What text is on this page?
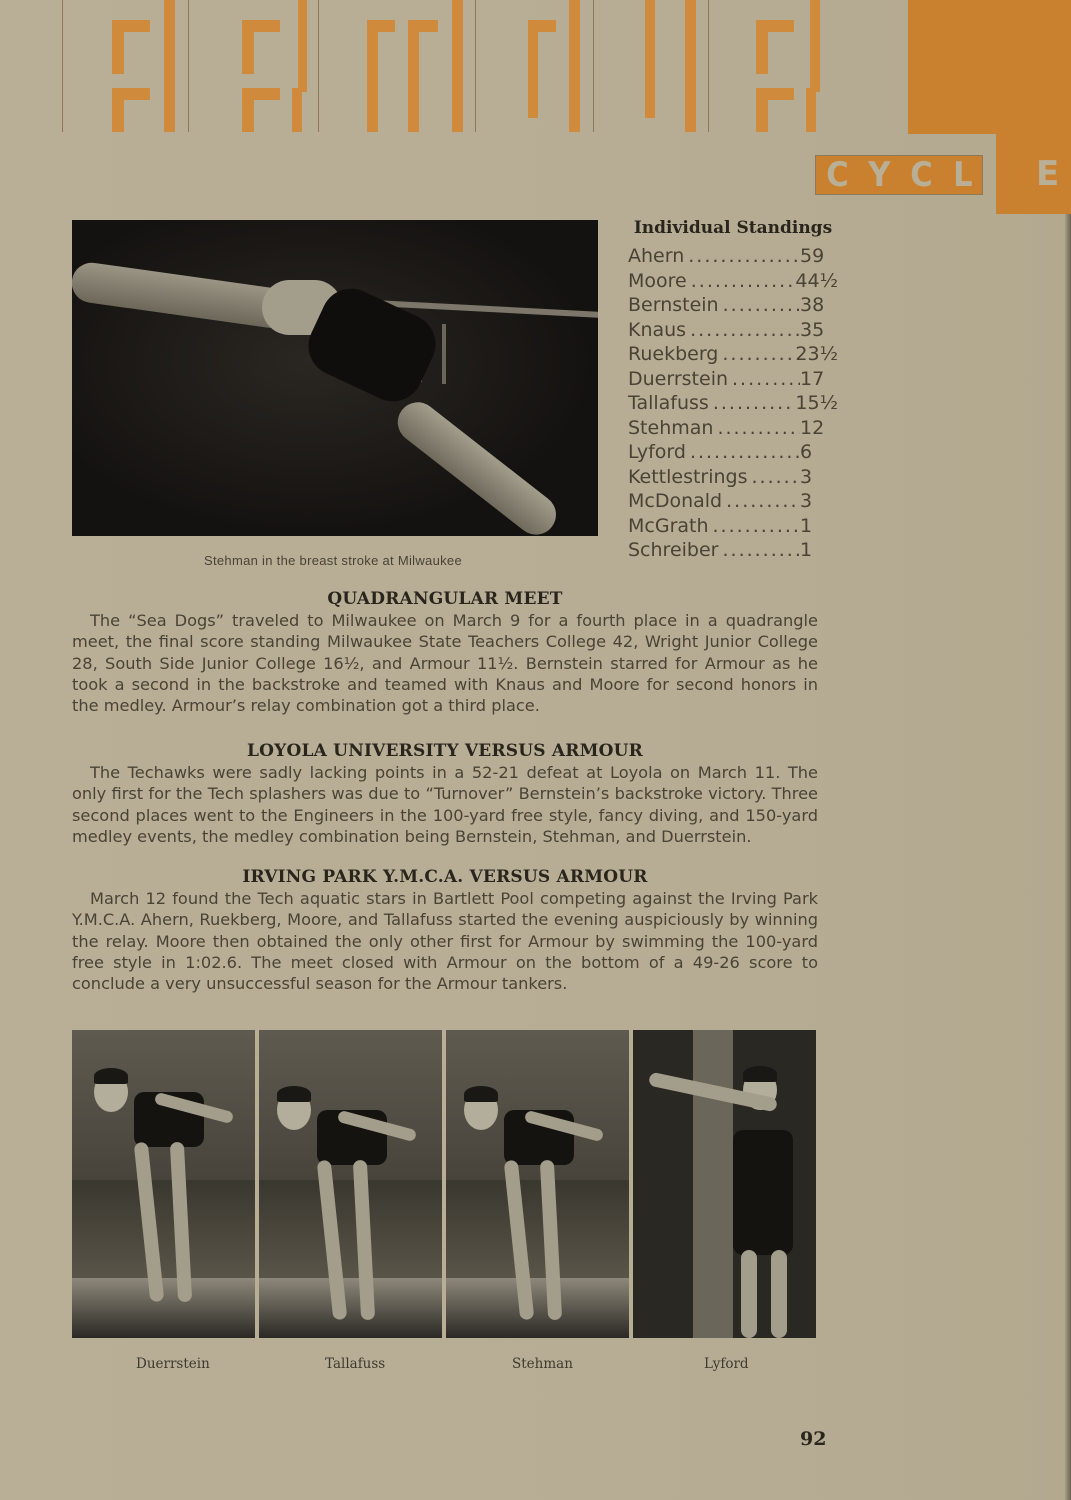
C Y C L E
Stehman in the breast stroke at Milwaukee
Individual Standings
Ahern .....	59
Moore .....	44½
Bernstein .....	38
Knaus .....	35
Ruekberg .....	23½
Duerrstein .....	17
Tallafuss .....	15½
Stehman .....	12
Lyford .....	6
Kettlestrings .....	3
McDonald .....	3
McGrath .....	1
Schreiber .....	1
QUADRANGULAR MEET

The “Sea Dogs” traveled to Milwaukee on March 9 for a fourth place in a quadrangle meet, the final score standing Milwaukee State Teachers College 42, Wright Junior College 28, South Side Junior College 16½, and Armour 11½. Bernstein starred for Armour as he took a second in the backstroke and teamed with Knaus and Moore for second honors in the medley. Armour’s relay combination got a third place.

LOYOLA UNIVERSITY VERSUS ARMOUR

The Techawks were sadly lacking points in a 52-21 defeat at Loyola on March 11. The only first for the Tech splashers was due to “Turnover” Bernstein’s backstroke victory. Three second places went to the Engineers in the 100-yard free style, fancy diving, and 150-yard medley events, the medley combination being Bernstein, Stehman, and Duerrstein.

IRVING PARK Y.M.C.A. VERSUS ARMOUR

March 12 found the Tech aquatic stars in Bartlett Pool competing against the Irving Park Y.M.C.A. Ahern, Ruekberg, Moore, and Tallafuss started the evening auspiciously by winning the relay. Moore then obtained the only other first for Armour by swimming the 100-yard free style in 1:02.6. The meet closed with Armour on the bottom of a 49-26 score to conclude a very unsuccessful season for the Armour tankers.

Duerrstein	Tallafuss	Stehman	Lyford
92
